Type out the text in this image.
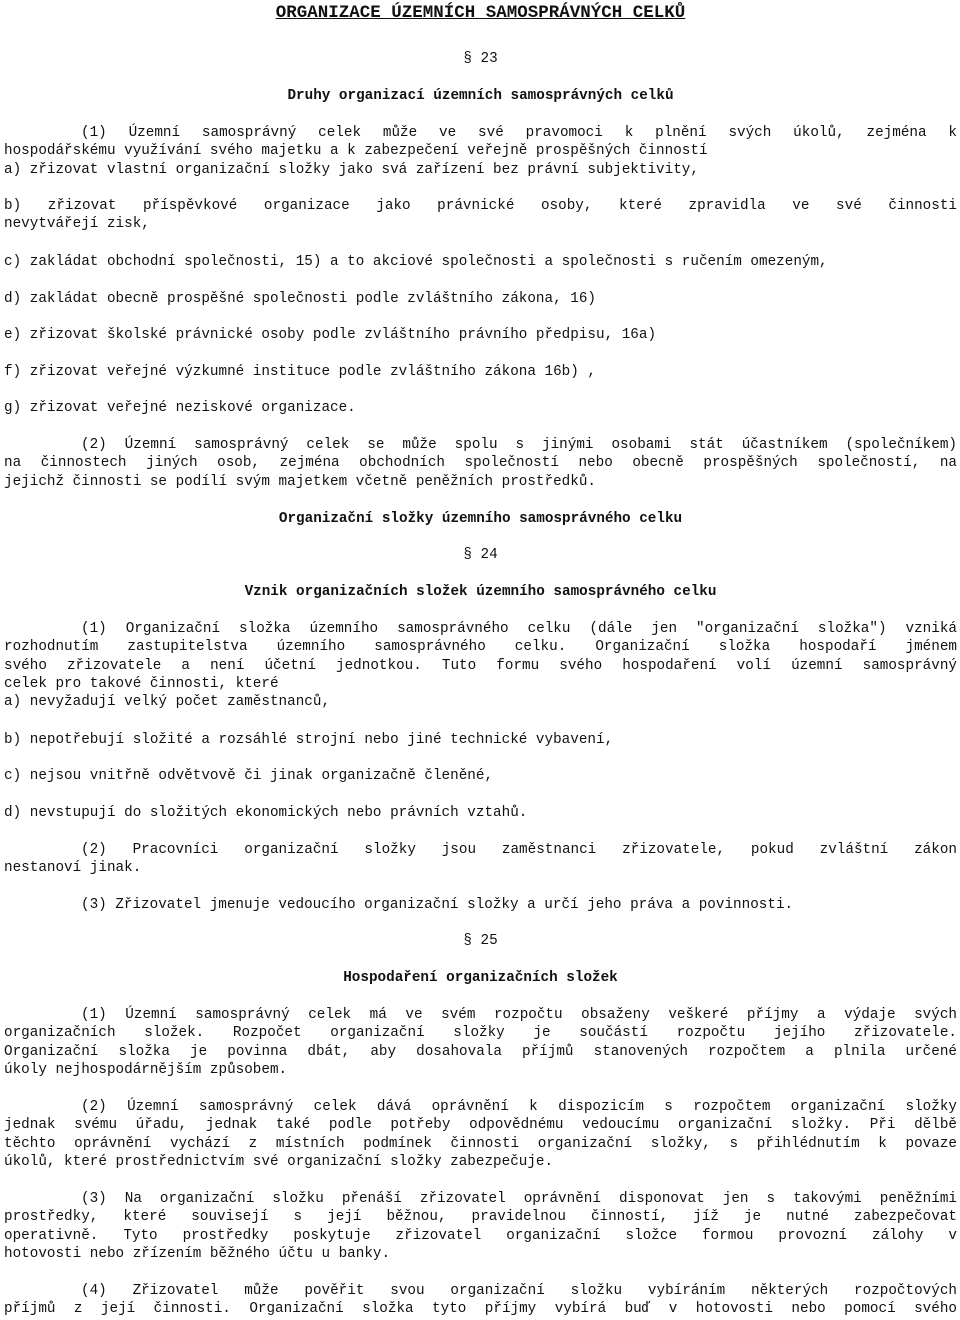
ORGANIZACE ÚZEMNÍCH SAMOSPRÁVNÝCH CELKŮ
§ 23
Druhy organizací územních samosprávných celků
(1) Územní samosprávný celek může ve své pravomoci k plnění svých úkolů, zejména k
hospodářskému využívání svého majetku a k zabezpečení veřejně prospěšných činností
a) zřizovat vlastní organizační složky jako svá zařízení bez právní subjektivity,
b) zřizovat příspěvkové organizace jako právnické osoby, které zpravidla ve své činnosti
nevytvářejí zisk,
c) zakládat obchodní společnosti, 15) a to akciové společnosti a společnosti s ručením omezeným,
d) zakládat obecně prospěšné společnosti podle zvláštního zákona, 16)
e) zřizovat školské právnické osoby podle zvláštního právního předpisu, 16a)
f) zřizovat veřejné výzkumné instituce podle zvláštního zákona 16b) ,
g) zřizovat veřejné neziskové organizace.
(2) Územní samosprávný celek se může spolu s jinými osobami stát účastníkem (společníkem)
na činnostech jiných osob, zejména obchodních společností nebo obecně prospěšných společností, na
jejichž činnosti se podílí svým majetkem včetně peněžních prostředků.
Organizační složky územního samosprávného celku
§ 24
Vznik organizačních složek územního samosprávného celku
(1) Organizační složka územního samosprávného celku (dále jen "organizační složka") vzniká
rozhodnutím zastupitelstva územního samosprávného celku. Organizační složka hospodaří jménem
svého zřizovatele a není účetní jednotkou. Tuto formu svého hospodaření volí územní samosprávný
celek pro takové činnosti, které
a) nevyžadují velký počet zaměstnanců,
b) nepotřebují složité a rozsáhlé strojní nebo jiné technické vybavení,
c) nejsou vnitřně odvětvově či jinak organizačně členěné,
d) nevstupují do složitých ekonomických nebo právních vztahů.
(2) Pracovníci organizační složky jsou zaměstnanci zřizovatele, pokud zvláštní zákon
nestanoví jinak.
(3) Zřizovatel jmenuje vedoucího organizační složky a určí jeho práva a povinnosti.
§ 25
Hospodaření organizačních složek
(1) Územní samosprávný celek má ve svém rozpočtu obsaženy veškeré příjmy a výdaje svých
organizačních složek. Rozpočet organizační složky je součástí rozpočtu jejího zřizovatele.
Organizační složka je povinna dbát, aby dosahovala příjmů stanovených rozpočtem a plnila určené
úkoly nejhospodárnějším způsobem.
(2) Územní samosprávný celek dává oprávnění k dispozicím s rozpočtem organizační složky
jednak svému úřadu, jednak také podle potřeby odpovědnému vedoucímu organizační složky. Při dělbě
těchto oprávnění vychází z místních podmínek činnosti organizační složky, s přihlédnutím k povaze
úkolů, které prostřednictvím své organizační složky zabezpečuje.
(3) Na organizační složku přenáší zřizovatel oprávnění disponovat jen s takovými peněžními
prostředky, které souvisejí s její běžnou, pravidelnou činností, jíž je nutné zabezpečovat
operativně. Tyto prostředky poskytuje zřizovatel organizační složce formou provozní zálohy v
hotovosti nebo zřízením běžného účtu u banky.
(4) Zřizovatel může pověřit svou organizační složku vybíráním některých rozpočtových
příjmů z její činnosti. Organizační složka tyto příjmy vybírá buď v hotovosti nebo pomocí svého
